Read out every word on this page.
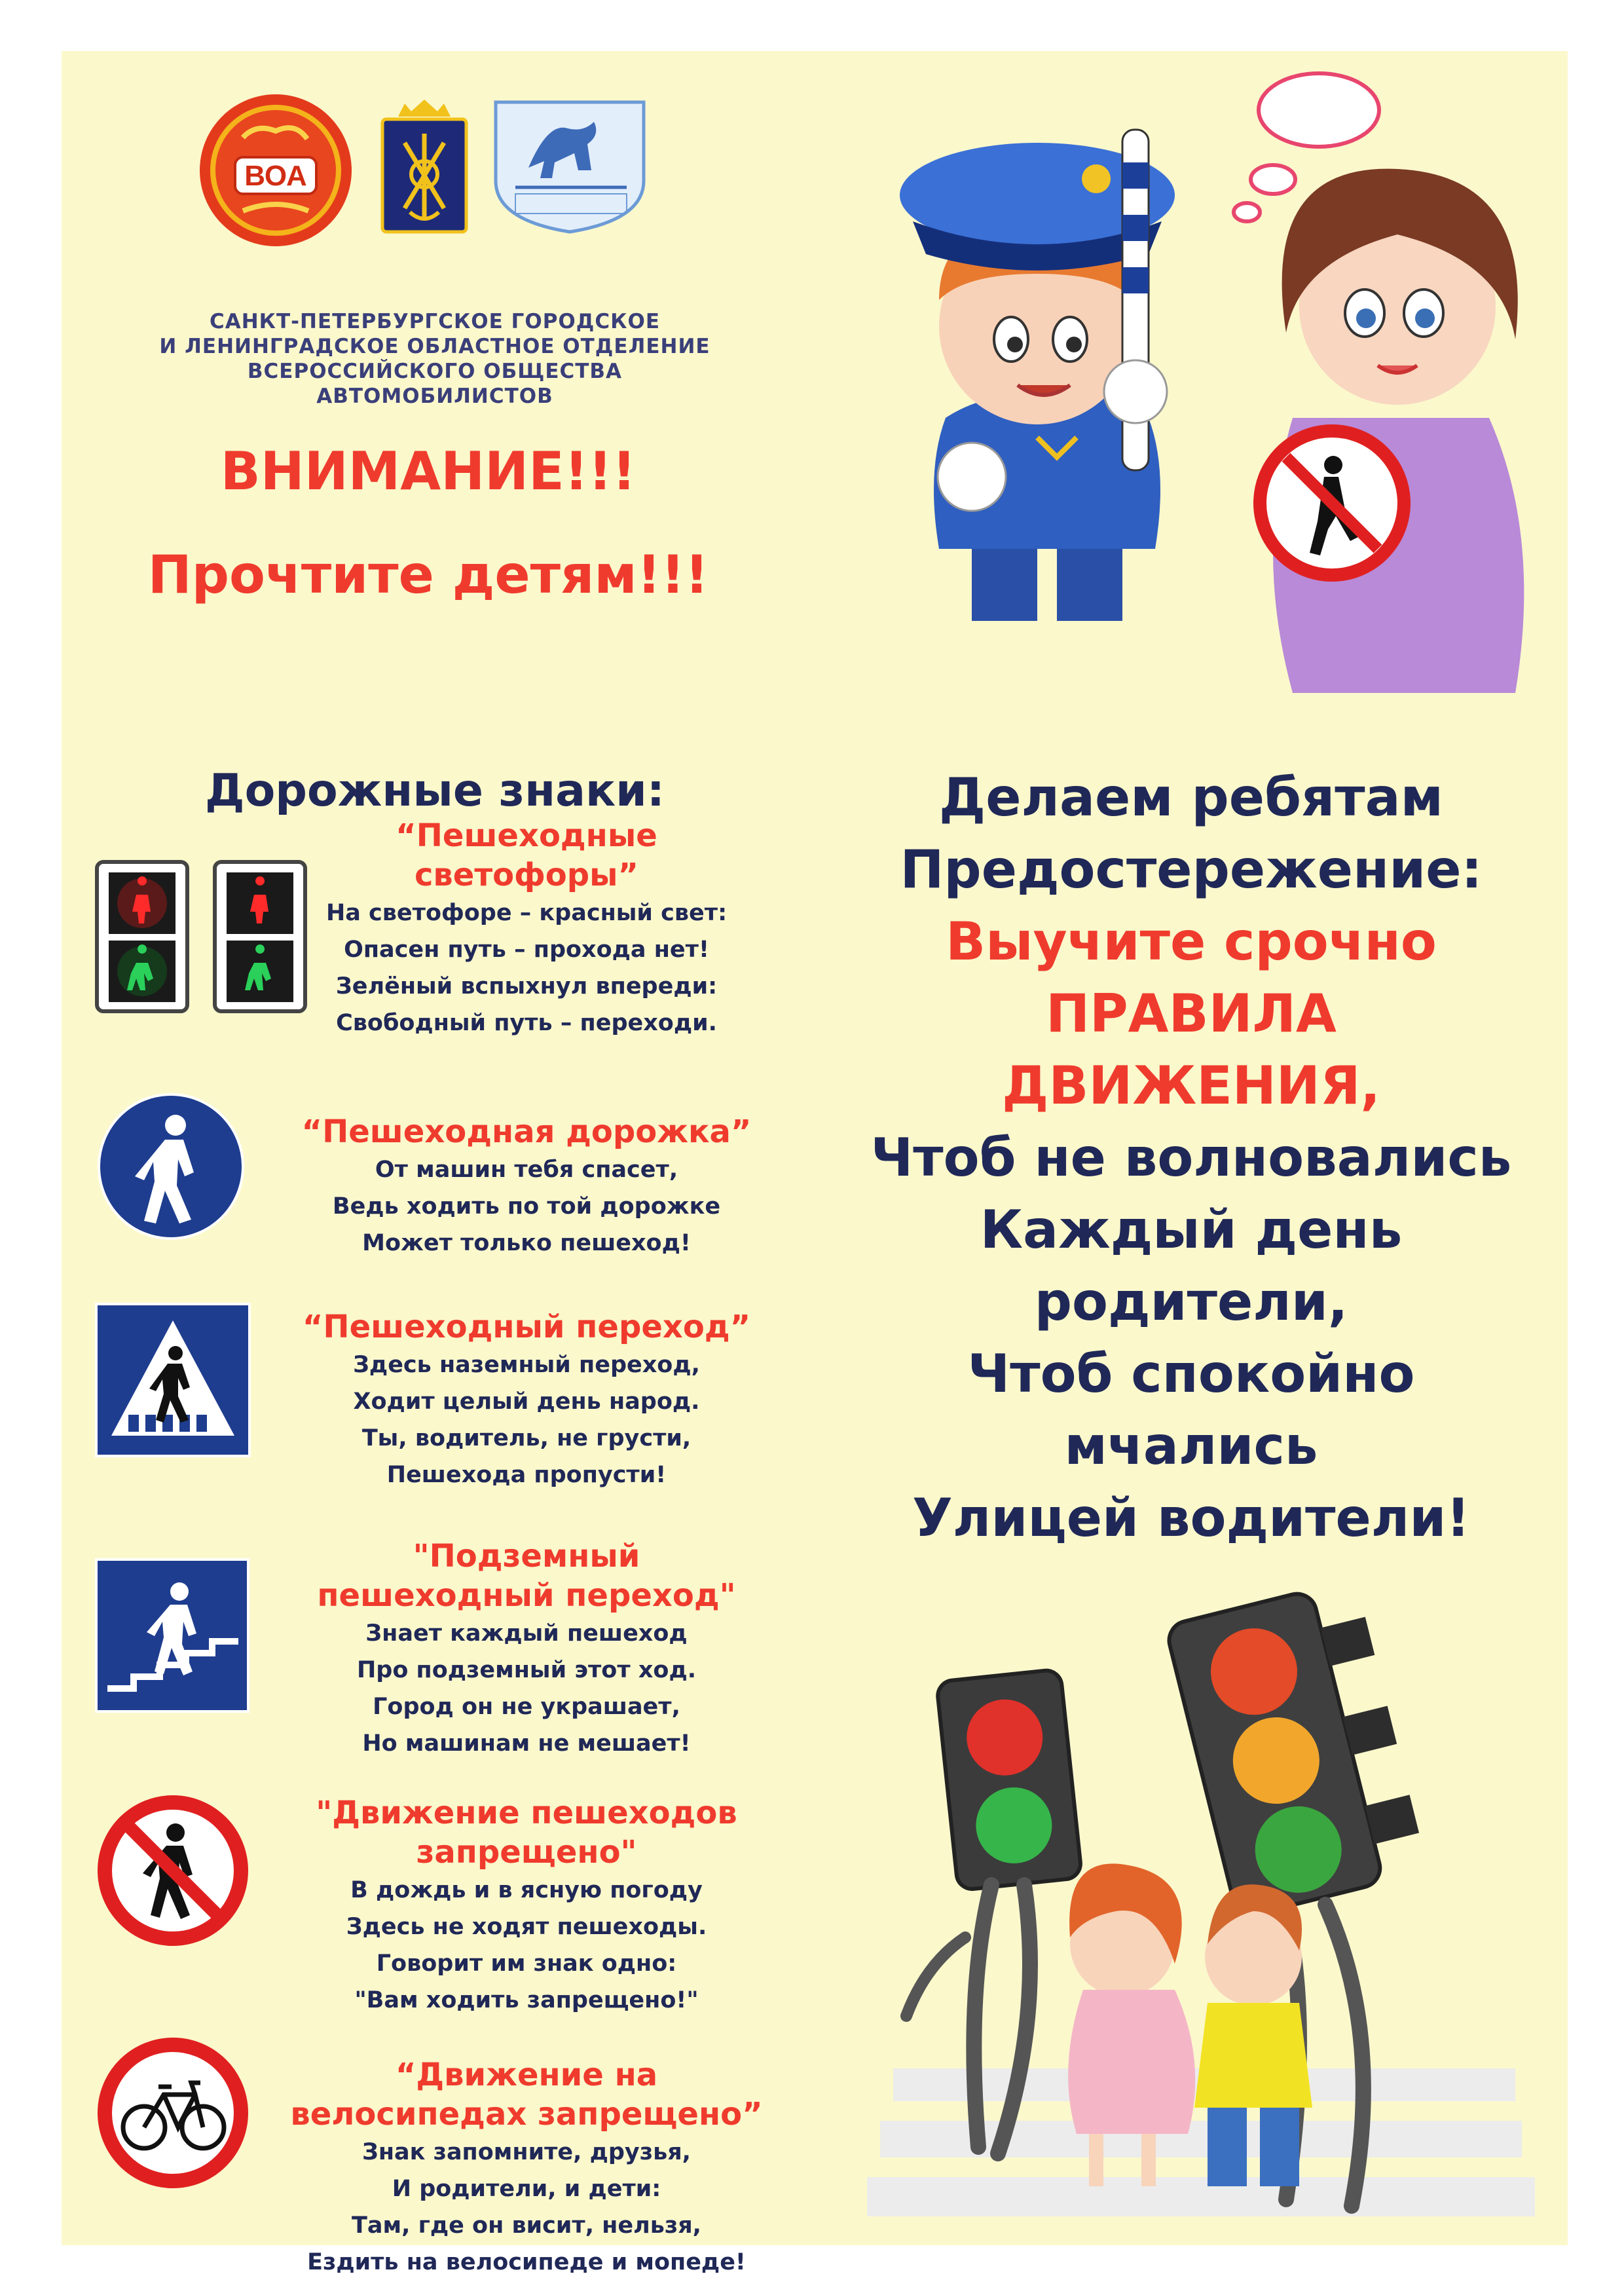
ВОА
САНКТ-ПЕТЕРБУРГСКОЕ ГОРОДСКОЕ
И ЛЕНИНГРАДСКОЕ ОБЛАСТНОЕ ОТДЕЛЕНИЕ
ВСЕРОССИЙСКОГО ОБЩЕСТВА АВТОМОБИЛИСТОВ
ВНИМАНИЕ!!!
Прочтите детям!!!
Дорожные знаки:
“Пешеходные
светофоры”
На светофоре – красный свет:
Опасен путь – прохода нет!
Зелёный вспыхнул впереди:
Свободный путь – переходи.
“Пешеходная дорожка”
От машин тебя спасет,
Ведь ходить по той дорожке
Может только пешеход!
“Пешеходный переход”
Здесь наземный переход,
Ходит целый день народ.
Ты, водитель, не грусти,
Пешехода пропусти!
"Подземный
пешеходный переход"
Знает каждый пешеход
Про подземный этот ход.
Город он не украшает,
Но машинам не мешает!
"Движение пешеходов
запрещено"
В дождь и в ясную погоду
Здесь не ходят пешеходы.
Говорит им знак одно:
"Вам ходить запрещено!"
“Движение на
велосипедах запрещено”
Знак запомните, друзья,
И родители, и дети:
Там, где он висит, нельзя,
Ездить на велосипеде и мопеде!
Делаем ребятам
Предостережение:
Выучите срочно
ПРАВИЛА
ДВИЖЕНИЯ,
Чтоб не волновались
Каждый день
родители,
Чтоб спокойно
мчались
Улицей водители!
